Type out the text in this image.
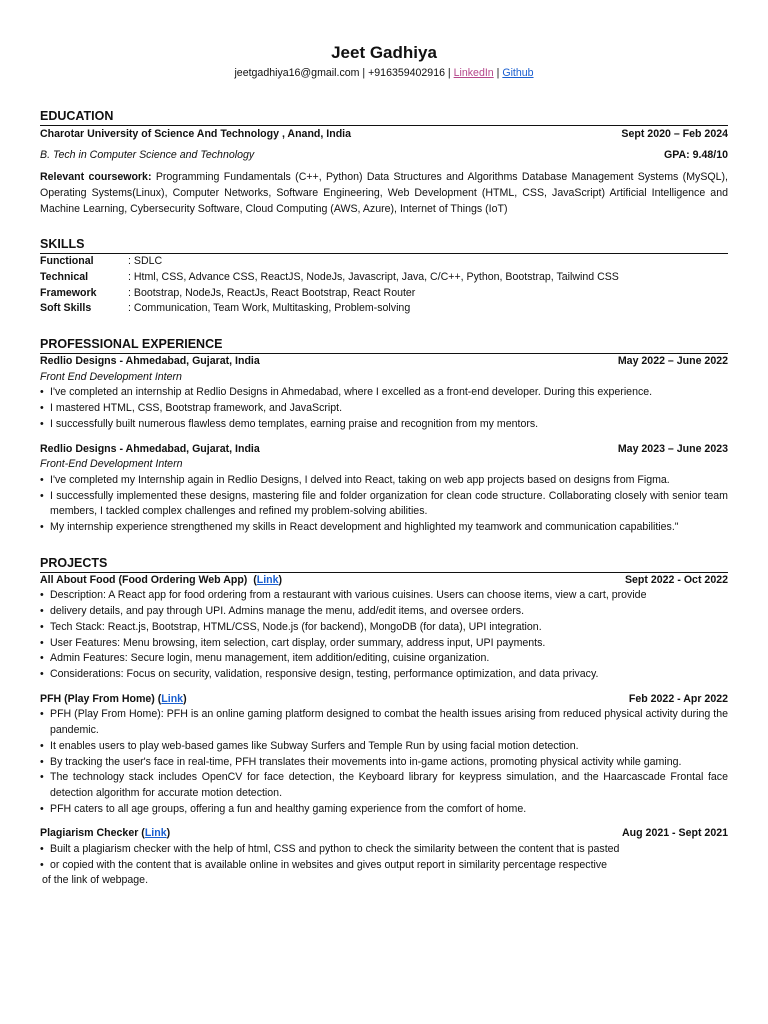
Jeet Gadhiya
jeetgadhiya16@gmail.com | +916359402916 | LinkedIn | Github
EDUCATION
Charotar University of Science And Technology , Anand, India	Sept 2020 – Feb 2024
B. Tech in Computer Science and Technology	GPA: 9.48/10
Relevant coursework: Programming Fundamentals (C++, Python) Data Structures and Algorithms Database Management Systems (MySQL), Operating Systems(Linux), Computer Networks, Software Engineering, Web Development (HTML, CSS, JavaScript) Artificial Intelligence and Machine Learning, Cybersecurity Software, Cloud Computing (AWS, Azure), Internet of Things (IoT)
SKILLS
Functional	: SDLC
Technical	: Html, CSS, Advance CSS, ReactJS, NodeJs, Javascript, Java, C/C++, Python, Bootstrap, Tailwind CSS
Framework	: Bootstrap, NodeJs, ReactJs, React Bootstrap, React Router
Soft Skills	: Communication, Team Work, Multitasking, Problem-solving
PROFESSIONAL EXPERIENCE
Redlio Designs - Ahmedabad, Gujarat, India	May 2022 – June 2022
Front End Development Intern
• I've completed an internship at Redlio Designs in Ahmedabad, where I excelled as a front-end developer. During this experience.
• I mastered HTML, CSS, Bootstrap framework, and JavaScript.
• I successfully built numerous flawless demo templates, earning praise and recognition from my mentors.
Redlio Designs - Ahmedabad, Gujarat, India	May 2023 – June 2023
Front-End Development Intern
• I've completed my Internship again in Redlio Designs, I delved into React, taking on web app projects based on designs from Figma.
• I successfully implemented these designs, mastering file and folder organization for clean code structure. Collaborating closely with senior team members, I tackled complex challenges and refined my problem-solving abilities.
• My internship experience strengthened my skills in React development and highlighted my teamwork and communication capabilities."
PROJECTS
All About Food (Food Ordering Web App)  (Link)	Sept 2022 - Oct 2022
• Description: A React app for food ordering from a restaurant with various cuisines. Users can choose items, view a cart, provide
• delivery details, and pay through UPI. Admins manage the menu, add/edit items, and oversee orders.
• Tech Stack: React.js, Bootstrap, HTML/CSS, Node.js (for backend), MongoDB (for data), UPI integration.
• User Features: Menu browsing, item selection, cart display, order summary, address input, UPI payments.
• Admin Features: Secure login, menu management, item addition/editing, cuisine organization.
• Considerations: Focus on security, validation, responsive design, testing, performance optimization, and data privacy.
PFH (Play From Home) (Link)	Feb 2022 - Apr 2022
• PFH (Play From Home): PFH is an online gaming platform designed to combat the health issues arising from reduced physical activity during the pandemic.
• It enables users to play web-based games like Subway Surfers and Temple Run by using facial motion detection.
• By tracking the user's face in real-time, PFH translates their movements into in-game actions, promoting physical activity while gaming.
• The technology stack includes OpenCV for face detection, the Keyboard library for keypress simulation, and the Haarcascade Frontal face detection algorithm for accurate motion detection.
• PFH caters to all age groups, offering a fun and healthy gaming experience from the comfort of home.
Plagiarism Checker (Link)	Aug 2021 - Sept 2021
• Built a plagiarism checker with the help of html, CSS and python to check the similarity between the content that is pasted
• or copied with the content that is available online in websites and gives output report in similarity percentage respective
of the link of webpage.
